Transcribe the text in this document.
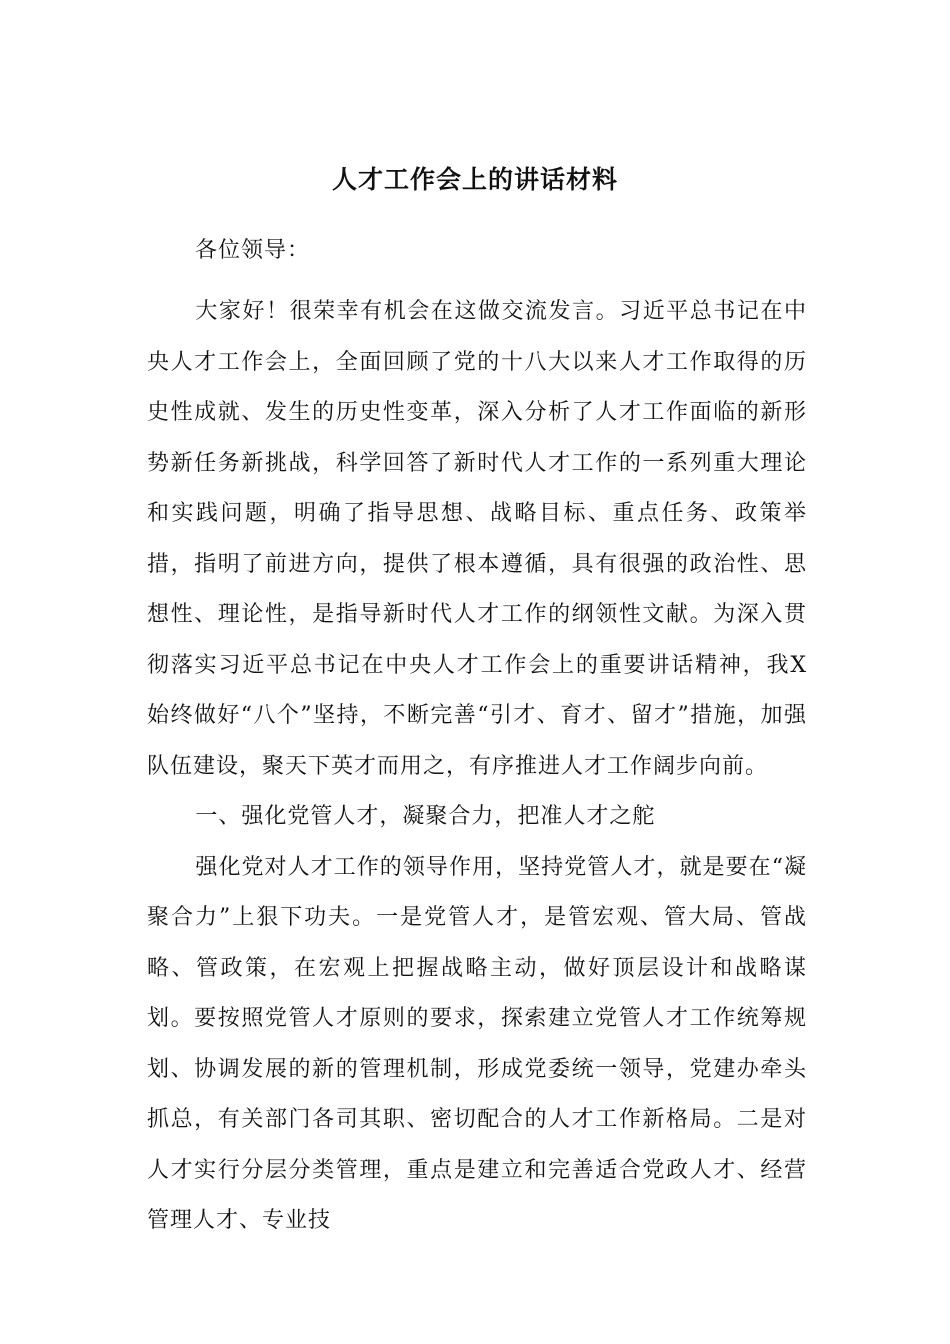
人才工作会上的讲话材料
各位领导：

大家好！很荣幸有机会在这做交流发言。习近平总书记在中央人才工作会上，全面回顾了党的十八大以来人才工作取得的历史性成就、发生的历史性变革，深入分析了人才工作面临的新形势新任务新挑战，科学回答了新时代人才工作的一系列重大理论和实践问题，明确了指导思想、战略目标、重点任务、政策举措，指明了前进方向，提供了根本遵循，具有很强的政治性、思想性、理论性，是指导新时代人才工作的纲领性文献。为深入贯彻落实习近平总书记在中央人才工作会上的重要讲话精神，我X始终做好“八个”坚持，不断完善“引才、育才、留才”措施，加强队伍建设，聚天下英才而用之，有序推进人才工作阔步向前。

一、强化党管人才，凝聚合力，把准人才之舵

强化党对人才工作的领导作用，坚持党管人才，就是要在“凝聚合力”上狠下功夫。一是党管人才，是管宏观、管大局、管战略、管政策，在宏观上把握战略主动，做好顶层设计和战略谋划。要按照党管人才原则的要求，探索建立党管人才工作统筹规划、协调发展的新的管理机制，形成党委统一领导，党建办牵头抓总，有关部门各司其职、密切配合的人才工作新格局。二是对人才实行分层分类管理，重点是建立和完善适合党政人才、经营管理人才、专业技
